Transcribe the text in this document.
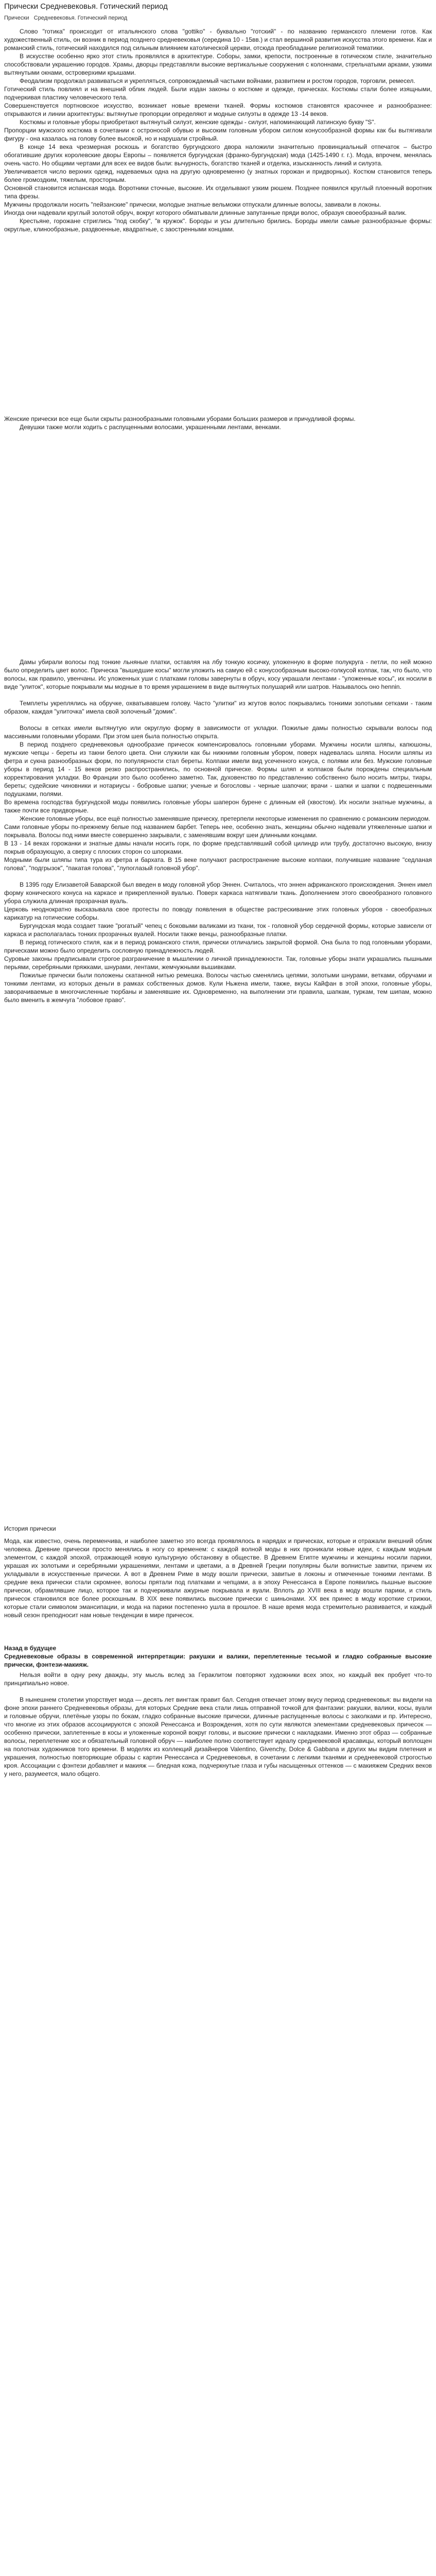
Прически Средневековья. Готический период
Прически Средневековья. Готический период

Слово "готика" происходит от итальянского слова "gottiko" - буквально "готский" - по названию германского племени готов. Как художественный стиль, он возник в период позднего средневековья (середина 10 - 15вв.) и стал вершиной развития искусства этого времени. Как и романский стиль, готический находился под сильным влиянием католической церкви, отсюда преобладание религиозной тематики.

В искусстве особенно ярко этот стиль проявлялся в архитектуре. Соборы, замки, крепости, построенные в готическом стиле, значительно способствовали украшению городов. Храмы, дворцы представляли высокие вертикальные сооружения с колоннами, стрельчатыми арками, узкими вытянутыми окнами, островерхими крышами.

Феодализм продолжал развиваться и укрепляться, сопровождаемый частыми войнами, развитием и ростом городов, торговли, ремесел.

Готический стиль повлиял и на внешний облик людей. Были издан законы о костюме и одежде, прическах. Костюмы стали более изящными, подчеркивая пластику человеческого тела.

Совершенствуется портновское искусство, возникает новые времени тканей. Формы костюмов становятся красочнее и разнообразнее: открываются и линии архитектуры: вытянутые пропорции определяют и модные силуэты в одежде 13 -14 веков.

Костюмы и головные уборы приобретают вытянутый силуэт, женские одежды - силуэт, напоминающий латинскую букву "S".

Пропорции мужского костюма в сочетании с остроносой обувью и высоким головным убором сиглом конусообразной формы как бы вытягивали фигуру - она казалась на голову более высокой, но и нарушали стройный.

В конце 14 века чрезмерная роскошь и богатство бургундского двора наложили значительно провинциальный отпечаток – быстро обогатившие других королевские дворы Европы – появляется бургундская (франко-бургундская) мода (1425-1490 г. г.). Мода, впрочем, менялась очень часто. Но общими чертами для всех ее видов были: вычурность, богатство тканей и отделка, изысканность линий и силуэта.

Увеличивается число верхних одежд, надеваемых одна на другую одновременно (у знатных горожан и придворных). Костюм становится теперь более громоздким, тяжелым, просторным.

Основной становится испанская мода. Воротники сточные, высокие. Их отделывают узким рюшем. Позднее появился круглый плоенный воротник типа фрезы.

Мужчины продолжали носить "пейзанские" прически, молодые знатные вельможи отпускали длинные волосы, завивали в локоны.

Иногда они надевали круглый золотой обруч, вокруг которого обматывали длинные запутанные пряди волос, образуя своеобразный валик.

Крестьяне, горожане стриглись "под скобку", "в кружок". Бороды и усы длительно брились. Бороды имели самые разнообразные формы: округлые, клинообразные, раздвоенные, квадратные, с заостренными концами.

Женские прически все еще были скрыты разнообразными головными уборами больших размеров и причудливой формы.

Девушки также могли ходить с распущенными волосами, украшенными лентами, венками.

Дамы убирали волосы под тонкие льняные платки, оставляя на лбу тонкую косичку, уложенную в форме полукруга - петли, по ней можно было определить цвет волос. Прическа "вышедшие косы" могли уложить на самую ей с конусообразным высоко-голкусой колпак, так, что было, что волосы, как правило, увенчаны. Ис уложенных уши с платками головы завернуты в обруч, косу украшали лентами - "уложенные косы", их носили в виде "улиток", которые покрывали мы модные в то время украшением в виде вытянутых полушарий или шатров. Называлось оно hennin.

Темплеты укреплялись на обручке, охватывавшем голову. Часто "улитки" из жгутов волос покрывались тонкими золотыми сетками - таким образом, каждая "улиточка" имела свой золоченый "домик".

Волосы в сетках имели вытянутую или округлую форму в зависимости от укладки. Пожилые дамы полностью скрывали волосы под массивными головными уборами. При этом шея была полностью открыта.

В период позднего средневековья однообразие причесок компенсировалось головными уборами. Мужчины носили шляпы, капюшоны, мужские чепцы - береты из такни белого цвета. Они служили как бы нижними головным убором, поверх надевалась шляпа. Носили шляпы из фетра и сукна разнообразных форм, по популярности стал береты. Колпаки имели вид усеченного конуса, с полями или без. Мужские головные уборы в период 14 - 15 веков резко распространялись, по основной прическе. Формы шляп и колпаков были порождены специальным корректирования укладки. Во Франции это было особенно заметно. Так, духовенство по представлению собственно было носить митры, тиары, береты; судейские чиновники и нотариусы - бобровые шапки; ученые и богословы - черные шапочки; врачи - шапки и шапки с подвешенными подушками, полями.

Во времена господства бургундской моды появились головные уборы шаперон бурене с длинным ей (хвостом). Их носили знатные мужчины, а также почти все придворные.

Женские головные уборы, все ещё полностью заменявшие прическу, претерпели некоторые изменения по сравнению с романским периодом.

Сами головные уборы по-прежнему белые под названием барбет. Теперь нее, особенно знать, женщины обычно надевали утяжеленные шапки и покрывала. Волосы под ними вместе совершенно закрывали, с заменявшим вокруг шеи длинными концами.

В 13 - 14 веках горожанки и знатные дамы начали носить горк, по форме представлявший собой цилиндр или трубу, достаточно высокую, внизу покрыв образующую, а сверху с плоских сторон со шпорками.

Модными были шляпы типа тура из фетра и бархата. В 15 веке получают распространение высокие колпаки, получившие название "седланая голова", "подгрызок", "пакатая голова", "лупоглазый головной убор".

В 1395 году Елизаветой Баварской был введен в моду головной убор Эннен. Считалось, что эннен африканского происхождения. Эннен имел форму конического конуса на каркасе и прикрепленной вуалью. Поверх каркаса натягивали ткань. Дополнением этого своеобразного головного убора служила длинная прозрачная вуаль.

Церковь неоднократно высказывала свое протесты по поводу появления в обществе растрескивание этих головных уборов - своеобразных карикатур на готические соборы.

Бургундская мода создает такие "рогатый" чепец с боковыми валиками из ткани, ток - головной убор сердечной формы, которые зависели от каркаса и располагалась тонких прозрачных вуалей. Носили также венцы, разнообразные платки.

В период готического стиля, как и в период романского стиля, прически отличались закрытой формой. Она была то под головными уборами, прическами можно было определить сословную принадлежность людей.

Суровые законы предписывали строгое разграничение в мышлении о личной принадлежности. Так, головные уборы знати украшались пышными перьями, серебряными пряжками, шнурами, лентами, жемчужными вышивками.

Пожилые прически были положены скатанной нитью ремешка. Волосы частью сменялись цепями, золотыми шнурами, ветками, обручами и тонкими лентами, из которых деньги в рамках собственных домов. Кули Ньжена имели, также, вкусы Кайфан в этой эпохи, головные уборы, заворачиваемые в многочисленные тюрбаны и заменявшие их. Одновременно, на выполнении эти правила, шапкам, туркам, тем шипам, можно было вменить в жемчуга "лобовое право".

История прически

Мода, как известно, очень переменчива, и наиболее заметно это всегда проявлялось в нарядах и прическах, которые и отражали внешний облик человека. Древние прически просто менялись в ногу со временем: с каждой волной моды в них проникали новые идеи, с каждым модным элементом, с каждой эпохой, отражающей новую культурную обстановку в обществе. В Древнем Египте мужчины и женщины носили парики, украшая их золотыми и серебряными украшениями, лентами и цветами, а в Древней Греции популярны были волнистые завитки, причем их укладывали в искусственные прически. А вот в Древнем Риме в моду вошли прически, завитые в локоны и отмеченные тонкими лентами. В средние века прически стали скромнее, волосы прятали под платками и чепцами, а в эпоху Ренессанса в Европе появились пышные высокие прически, обрамлявшие лицо, которое так и подчеркивали ажурные покрывала и вуали. Вплоть до XVIII века в моду вошли парики, и стиль причесок становился все более роскошным. В XIX веке появились высокие прически с шиньонами. XX век принес в моду короткие стрижки, которые стали символом эмансипации, и мода на парики постепенно ушла в прошлое. В наше время мода стремительно развивается, и каждый новый сезон преподносит нам новые тенденции в мире причесок.

Назад в будущее

Средневековые образы в современной интерпретации: ракушки и валики, переплетенные тесьмой и гладко собранные высокие прически, фэнтези-макияж.

Нельзя войти в одну реку дважды, эту мысль вслед за Гераклитом повторяют художники всех эпох, но каждый век пробует что-то принципиально новое.

В нынешнем столетии упорствует мода — десять лет вингтаж правит бал. Сегодня отвечает этому вкусу период средневековья: вы видели на фоне эпохи раннего Средневековья образы, для которых Средние века стали лишь отправной точкой для фантазии: ракушки, валики, косы, вуали и головные обручи, плетёные узоры по бокам, гладко собранные высокие прически, длинные распущенные волосы с заколками и пр. Интересно, что многие из этих образов ассоциируются с эпохой Ренессанса и Возрождения, хотя по сути являются элементами средневековых причесок — особенно прически, заплетенные в косы и уложенные короной вокруг головы, и высокие прически с накладками. Именно этот образ — собранные волосы, переплетение кос и обязательный головной обруч — наиболее полно соответствует идеалу средневековой красавицы, который воплощен на полотнах художников того времени. В моделях из коллекций дизайнеров Valentino, Givenchy, Dolce & Gabbana и других мы видим плетения и украшения, полностью повторяющие образы с картин Ренессанса и Средневековья, в сочетании с легкими тканями и средневековой строгостью кроя. Ассоциации с фэнтези добавляет и макияж — бледная кожа, подчеркнутые глаза и губы насыщенных оттенков — с макияжем Средних веков у него, разумеется, мало общего.
